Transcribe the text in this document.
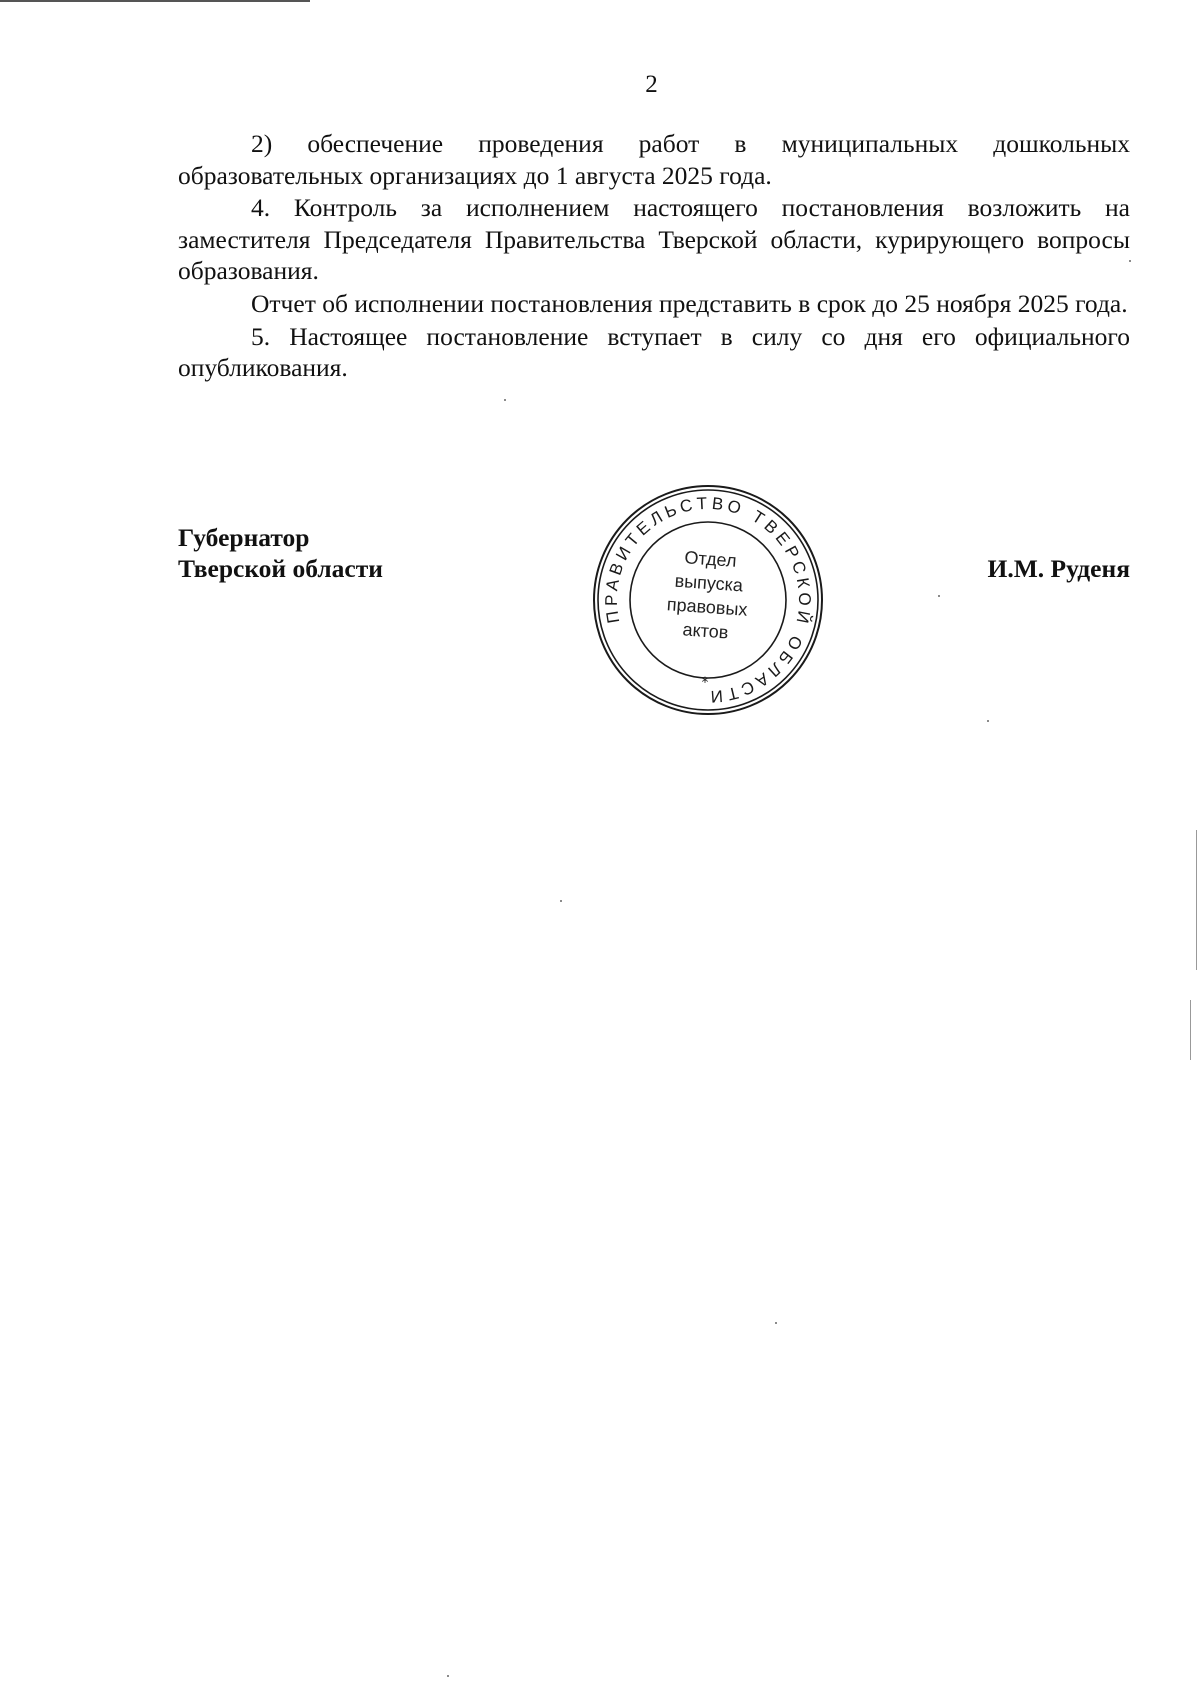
2

2) обеспечение проведения работ в муниципальных дошкольных образовательных организациях до 1 августа 2025 года.

4. Контроль за исполнением настоящего постановления возложить на заместителя Председателя Правительства Тверской области, курирующего вопросы образования.

Отчет об исполнении постановления представить в срок до 25 ноября 2025 года.

5. Настоящее постановление вступает в силу со дня его официального опубликования.

Губернатор
Тверской области	И.М. Руденя
ПРАВИТЕЛЬСТВО ТВЕРСКОЙ ОБЛАСТИ
Отдел
выпуска
правовых
актов
*
